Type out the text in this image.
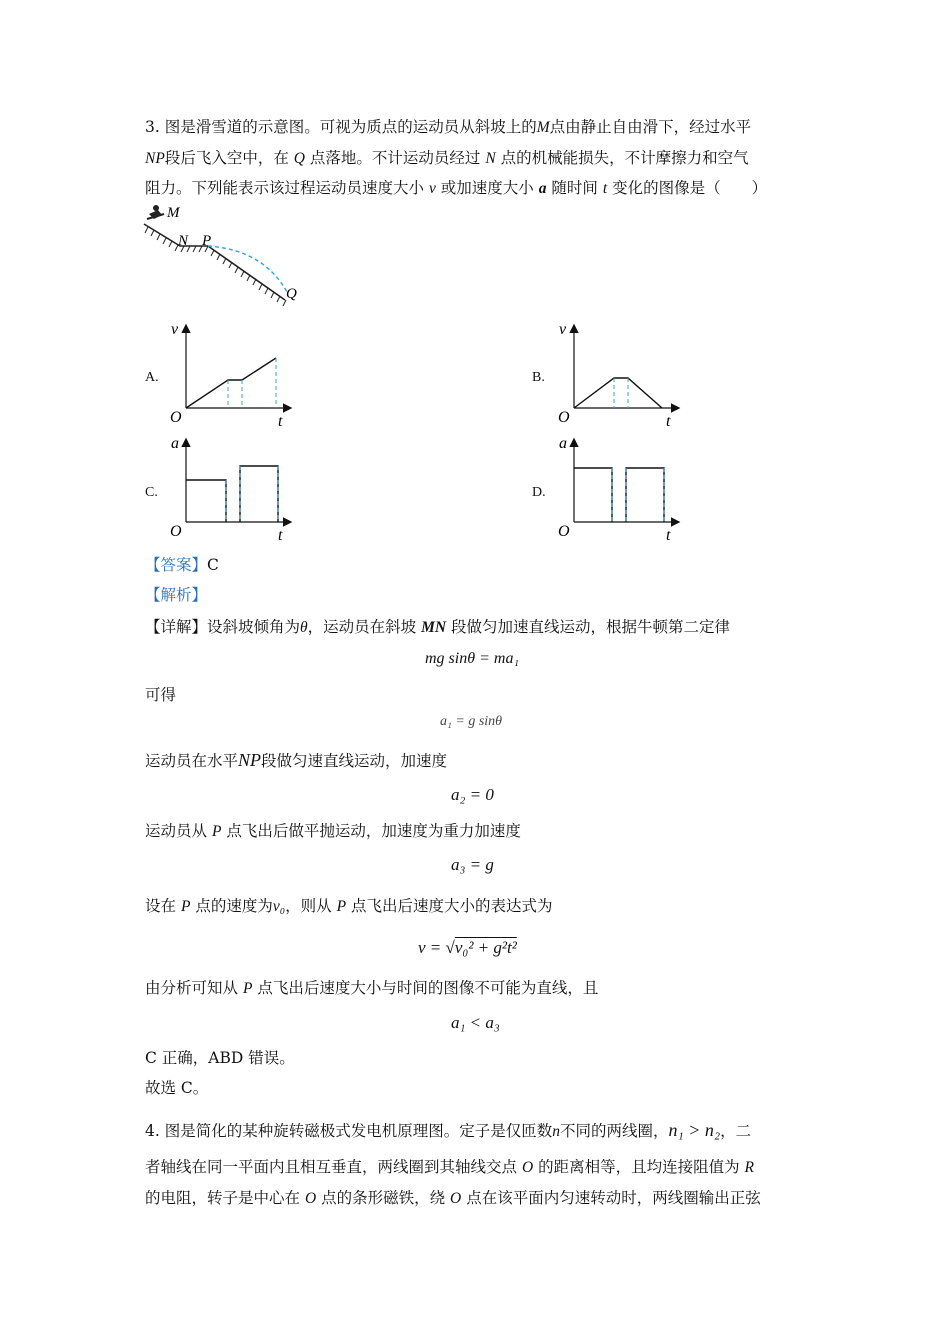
3. 图是滑雪道的示意图。可视为质点的运动员从斜坡上的M点由静止自由滑下，经过水平
NP段后飞入空中，在 Q 点落地。不计运动员经过 N 点的机械能损失，不计摩擦力和空气
阻力。下列能表示该过程运动员速度大小 v 或加速度大小 a 随时间 t 变化的图像是（　　）
M
N P
Q
A.
v
O	t
B.
v
O	t
C.
a
O	t
D.
a
O	t
【答案】C
【解析】
【详解】设斜坡倾角为θ，运动员在斜坡 MN 段做匀加速直线运动，根据牛顿第二定律
mg sinθ = ma₁
可得
a₁ = g sinθ
运动员在水平NP段做匀速直线运动，加速度
a₂ = 0
运动员从 P 点飞出后做平抛运动，加速度为重力加速度
a₃ = g
设在 P 点的速度为v₀，则从 P 点飞出后速度大小的表达式为
v = √v₀² + g²t²
由分析可知从 P 点飞出后速度大小与时间的图像不可能为直线，且
a₁ < a₃
C 正确，ABD 错误。
故选 C。
4. 图是简化的某种旋转磁极式发电机原理图。定子是仅匝数n不同的两线圈，n₁ > n₂，二
者轴线在同一平面内且相互垂直，两线圈到其轴线交点 O 的距离相等，且均连接阻值为 R
的电阻，转子是中心在 O 点的条形磁铁，绕 O 点在该平面内匀速转动时，两线圈输出正弦
